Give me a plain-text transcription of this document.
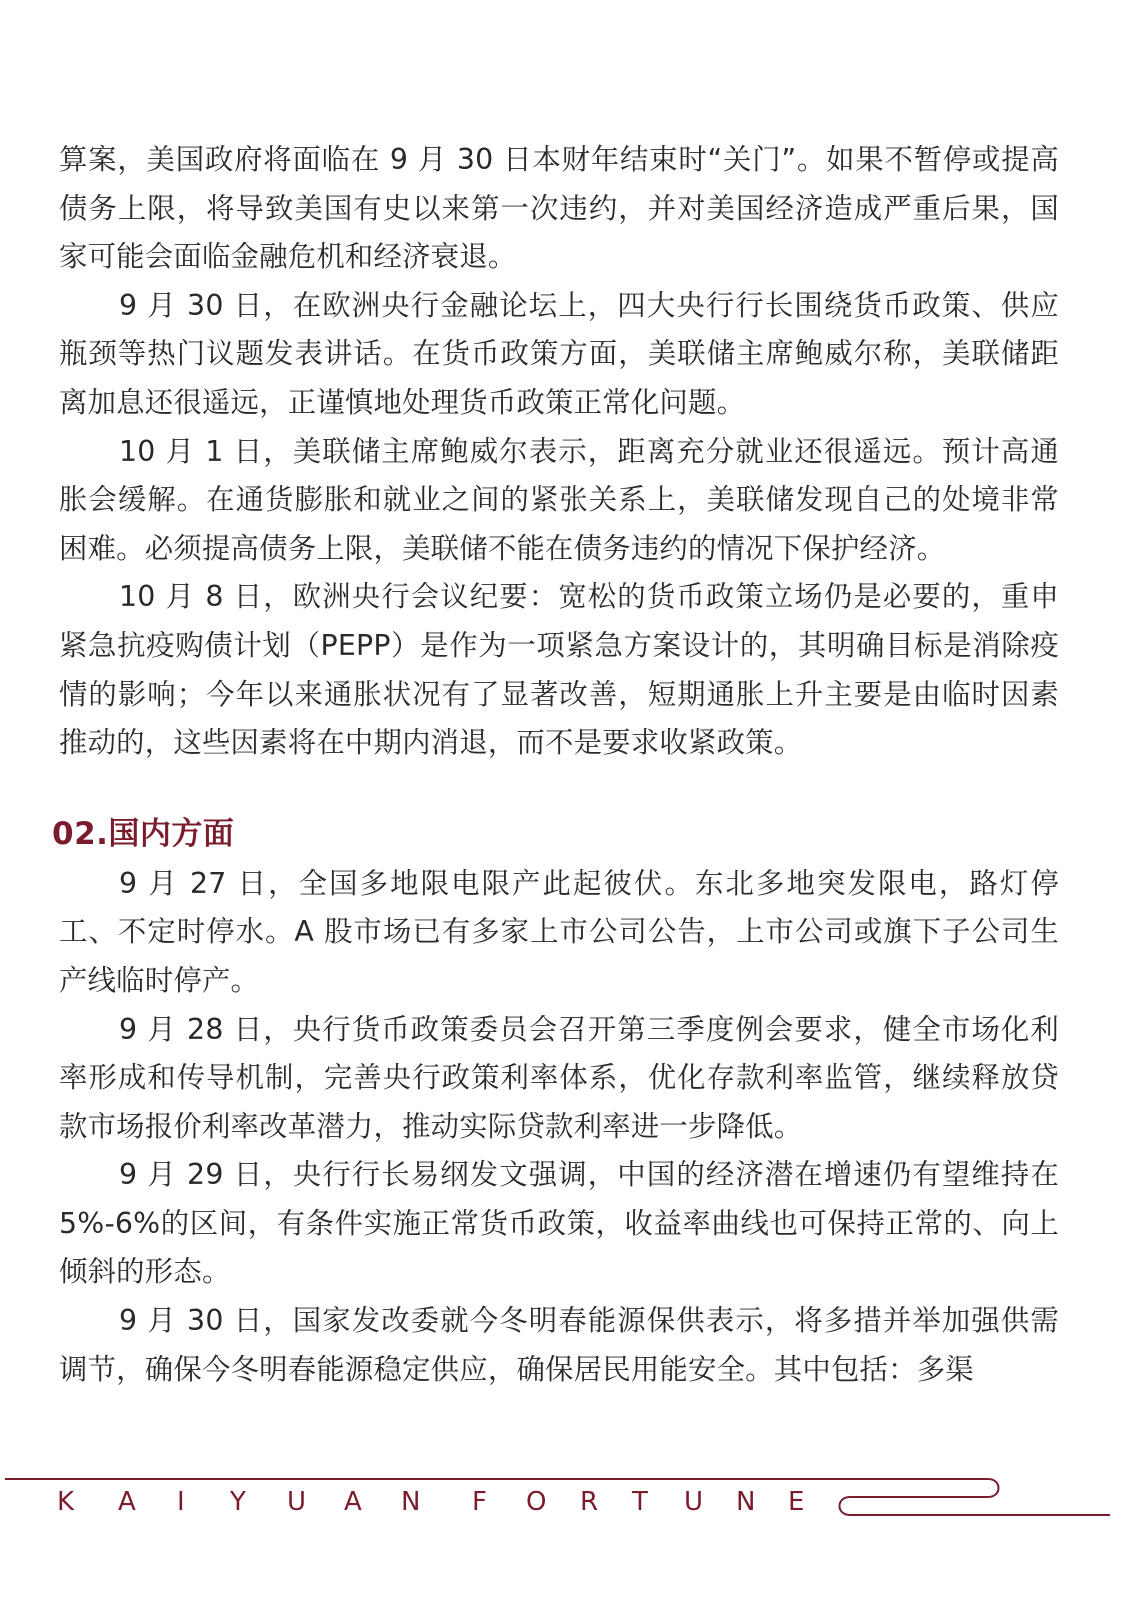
算案，美国政府将面临在 9 月 30 日本财年结束时“关门”。如果不暂停或提高债务上限，将导致美国有史以来第一次违约，并对美国经济造成严重后果，国家可能会面临金融危机和经济衰退。

9 月 30 日，在欧洲央行金融论坛上，四大央行行长围绕货币政策、供应瓶颈等热门议题发表讲话。在货币政策方面，美联储主席鲍威尔称，美联储距离加息还很遥远，正谨慎地处理货币政策正常化问题。

10 月 1 日，美联储主席鲍威尔表示，距离充分就业还很遥远。预计高通胀会缓解。在通货膨胀和就业之间的紧张关系上，美联储发现自己的处境非常困难。必须提高债务上限，美联储不能在债务违约的情况下保护经济。

10 月 8 日，欧洲央行会议纪要：宽松的货币政策立场仍是必要的，重申紧急抗疫购债计划（PEPP）是作为一项紧急方案设计的，其明确目标是消除疫情的影响；今年以来通胀状况有了显著改善，短期通胀上升主要是由临时因素推动的，这些因素将在中期内消退，而不是要求收紧政策。

02.国内方面

9 月 27 日，全国多地限电限产此起彼伏。东北多地突发限电，路灯停工、不定时停水。A 股市场已有多家上市公司公告，上市公司或旗下子公司生产线临时停产。

9 月 28 日，央行货币政策委员会召开第三季度例会要求，健全市场化利率形成和传导机制，完善央行政策利率体系，优化存款利率监管，继续释放贷款市场报价利率改革潜力，推动实际贷款利率进一步降低。

9 月 29 日，央行行长易纲发文强调，中国的经济潜在增速仍有望维持在 5%-6%的区间，有条件实施正常货币政策，收益率曲线也可保持正常的、向上倾斜的形态。

9 月 30 日，国家发改委就今冬明春能源保供表示，将多措并举加强供需调节，确保今冬明春能源稳定供应，确保居民用能安全。其中包括：多渠

K A I Y U A N F O R T U N E
